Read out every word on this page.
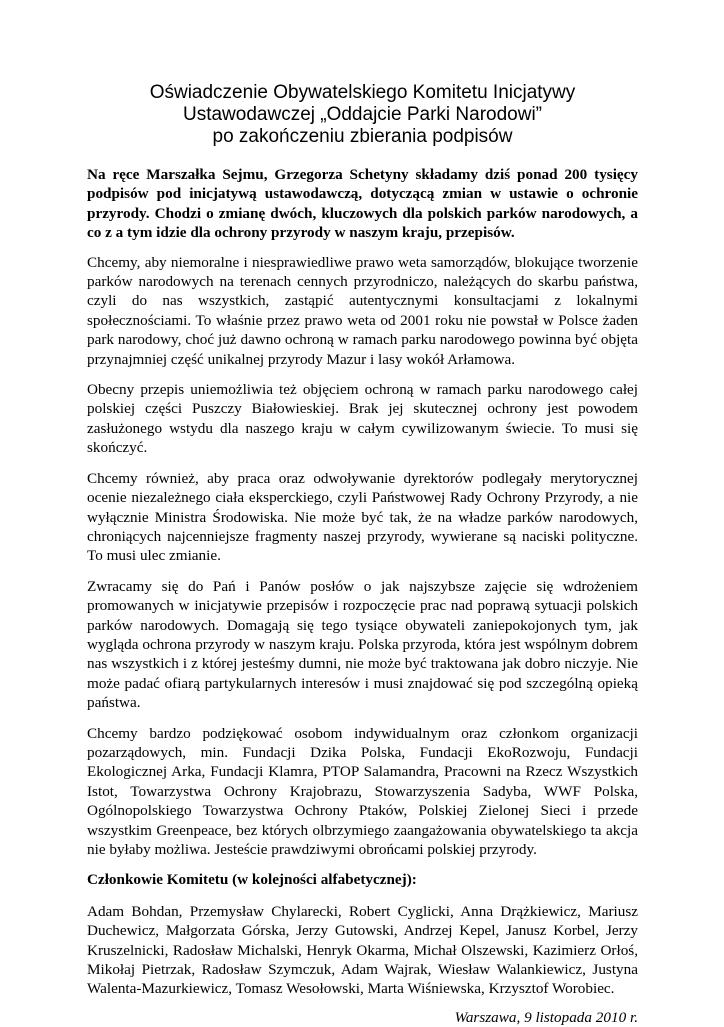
Oświadczenie Obywatelskiego Komitetu Inicjatywy
Ustawodawczej „Oddajcie Parki Narodowi”
po zakończeniu zbierania podpisów

Na ręce Marszałka Sejmu, Grzegorza Schetyny składamy dziś ponad 200 tysięcy podpisów pod inicjatywą ustawodawczą, dotyczącą zmian w ustawie o ochronie przyrody. Chodzi o zmianę dwóch, kluczowych dla polskich parków narodowych, a co z a tym idzie dla ochrony przyrody w naszym kraju, przepisów.

Chcemy, aby niemoralne i niesprawiedliwe prawo weta samorządów, blokujące tworzenie parków narodowych na terenach cennych przyrodniczo, należących do skarbu państwa, czyli do nas wszystkich, zastąpić autentycznymi konsultacjami z lokalnymi społecznościami. To właśnie przez prawo weta od 2001 roku nie powstał w Polsce żaden park narodowy, choć już dawno ochroną w ramach parku narodowego powinna być objęta przynajmniej część unikalnej przyrody Mazur i lasy wokół Arłamowa.

Obecny przepis uniemożliwia też objęciem ochroną w ramach parku narodowego całej polskiej części Puszczy Białowieskiej. Brak jej skutecznej ochrony jest powodem zasłużonego wstydu dla naszego kraju w całym cywilizowanym świecie. To musi się skończyć.

Chcemy również, aby praca oraz odwoływanie dyrektorów podlegały merytorycznej ocenie niezależnego ciała eksperckiego, czyli Państwowej Rady Ochrony Przyrody, a nie wyłącznie Ministra Środowiska. Nie może być tak, że na władze parków narodowych, chroniących najcenniejsze fragmenty naszej przyrody, wywierane są naciski polityczne. To musi ulec zmianie.

Zwracamy się do Pań i Panów posłów o jak najszybsze zajęcie się wdrożeniem promowanych w inicjatywie przepisów i rozpoczęcie prac nad poprawą sytuacji polskich parków narodowych. Domagają się tego tysiące obywateli zaniepokojonych tym, jak wygląda ochrona przyrody w naszym kraju. Polska przyroda, która jest wspólnym dobrem nas wszystkich i z której jesteśmy dumni, nie może być traktowana jak dobro niczyje. Nie może padać ofiarą partykularnych interesów i musi znajdować się pod szczególną opieką państwa.

Chcemy bardzo podziękować osobom indywidualnym oraz członkom organizacji pozarządowych, min. Fundacji Dzika Polska, Fundacji EkoRozwoju, Fundacji Ekologicznej Arka, Fundacji Klamra, PTOP Salamandra, Pracowni na Rzecz Wszystkich Istot, Towarzystwa Ochrony Krajobrazu, Stowarzyszenia Sadyba, WWF Polska, Ogólnopolskiego Towarzystwa Ochrony Ptaków, Polskiej Zielonej Sieci i przede wszystkim Greenpeace, bez których olbrzymiego zaangażowania obywatelskiego ta akcja nie byłaby możliwa. Jesteście prawdziwymi obrońcami polskiej przyrody.

Członkowie Komitetu (w kolejności alfabetycznej):

Adam Bohdan, Przemysław Chylarecki, Robert Cyglicki, Anna Drążkiewicz, Mariusz Duchewicz, Małgorzata Górska, Jerzy Gutowski, Andrzej Kepel, Janusz Korbel, Jerzy Kruszelnicki, Radosław Michalski, Henryk Okarma, Michał Olszewski, Kazimierz Orłoś, Mikołaj Pietrzak, Radosław Szymczuk, Adam Wajrak, Wiesław Walankiewicz, Justyna Walenta-Mazurkiewicz, Tomasz Wesołowski, Marta Wiśniewska, Krzysztof Worobiec.

Warszawa, 9 listopada 2010 r.
